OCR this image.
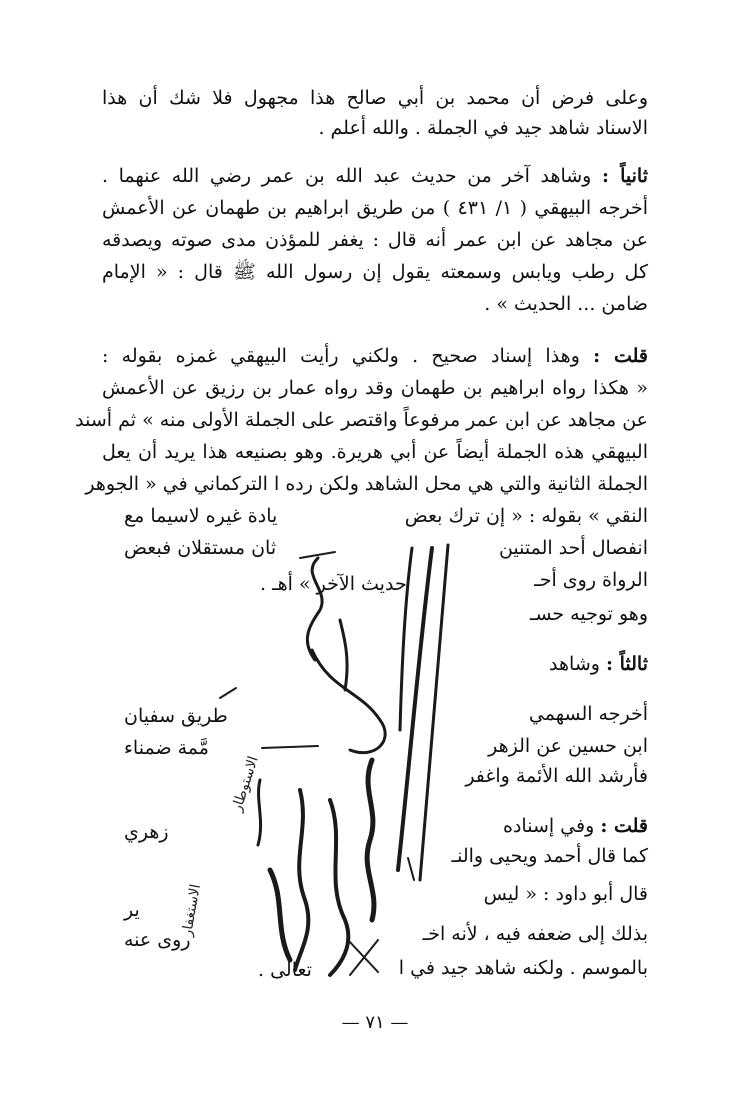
وعلى فرض أن محمد بن أبي صالح هذا مجهول فلا شك أن هذا
الاسناد شاهد جيد في الجملة . والله أعلم .
ثانياً : وشاهد آخر من حديث عبد الله بن عمر رضي الله عنهما .
أخرجه البيهقي ( ١/ ٤٣١ ) من طريق ابراهيم بن طهمان عن الأعمش
عن مجاهد عن ابن عمر أنه قال : يغفر للمؤذن مدى صوته ويصدقه
كل رطب ويابس وسمعته يقول إن رسول الله ﷺ قال : « الإمام
ضامن ... الحديث » .
قلت : وهذا إسناد صحيح . ولكني رأيت البيهقي غمزه بقوله :
« هكذا رواه ابراهيم بن طهمان وقد رواه عمار بن رزيق عن الأعمش
عن مجاهد عن ابن عمر مرفوعاً واقتصر على الجملة الأولى منه » ثم أسند
البيهقي هذه الجملة أيضاً عن أبي هريرة. وهو بصنيعه هذا يريد أن يعل
الجملة الثانية والتي هي محل الشاهد ولكن رده ا التركماني في « الجوهر
النقي » بقوله : « إن ترك بعض
يادة غيره لاسيما مع
انفصال أحد المتنين
ثان مستقلان فبعض
الرواة روى أحـ
حديث الآخر » أهـ .
وهو توجيه حسـ
ثالثاً : وشاهد
أخرجه السهمي
طريق سفيان
ابن حسين عن الزهر
مَّمة ضمناء
فأرشد الله الأئمة واغفر
قلت : وفي إسناده
زهري
كما قال أحمد ويحيى والنـ
قال أبو داود : « ليس
ير
بذلك إلى ضعفه فيه ، لأنه اخـ
روى عنه
بالموسم . ولكنه شاهد جيد في ا
تعالى .
الاستوطار
الاستغفار
— ٧١ —
